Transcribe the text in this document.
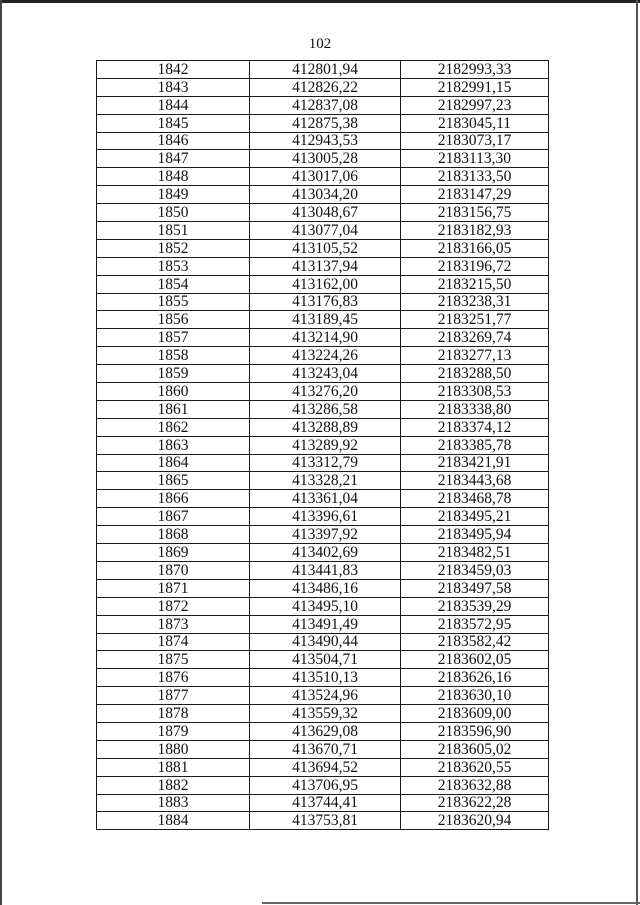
102
1842	412801,94	2182993,33
1843	412826,22	2182991,15
1844	412837,08	2182997,23
1845	412875,38	2183045,11
1846	412943,53	2183073,17
1847	413005,28	2183113,30
1848	413017,06	2183133,50
1849	413034,20	2183147,29
1850	413048,67	2183156,75
1851	413077,04	2183182,93
1852	413105,52	2183166,05
1853	413137,94	2183196,72
1854	413162,00	2183215,50
1855	413176,83	2183238,31
1856	413189,45	2183251,77
1857	413214,90	2183269,74
1858	413224,26	2183277,13
1859	413243,04	2183288,50
1860	413276,20	2183308,53
1861	413286,58	2183338,80
1862	413288,89	2183374,12
1863	413289,92	2183385,78
1864	413312,79	2183421,91
1865	413328,21	2183443,68
1866	413361,04	2183468,78
1867	413396,61	2183495,21
1868	413397,92	2183495,94
1869	413402,69	2183482,51
1870	413441,83	2183459,03
1871	413486,16	2183497,58
1872	413495,10	2183539,29
1873	413491,49	2183572,95
1874	413490,44	2183582,42
1875	413504,71	2183602,05
1876	413510,13	2183626,16
1877	413524,96	2183630,10
1878	413559,32	2183609,00
1879	413629,08	2183596,90
1880	413670,71	2183605,02
1881	413694,52	2183620,55
1882	413706,95	2183632,88
1883	413744,41	2183622,28
1884	413753,81	2183620,94
